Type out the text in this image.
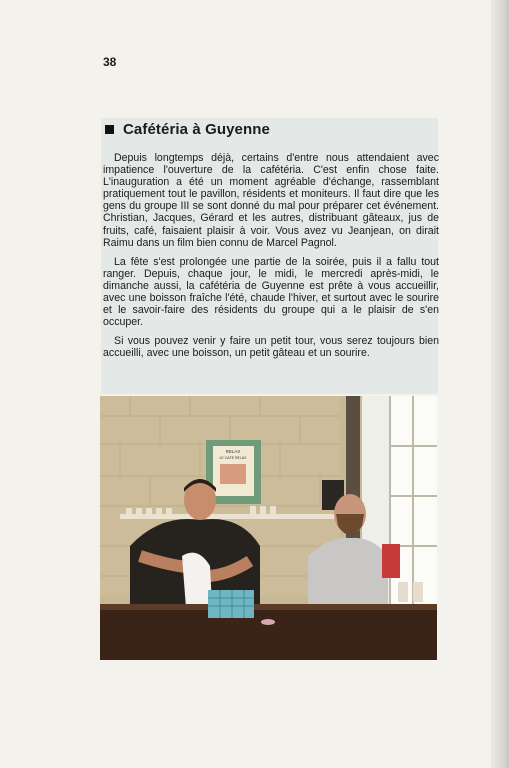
38
Cafétéria à Guyenne

Depuis longtemps déjà, certains d'entre nous attendaient avec impatience l'ouverture de la cafétéria. C'est enfin chose faite. L'inauguration a été un moment agréable d'échange, rassemblant pratiquement tout le pavillon, résidents et moniteurs. Il faut dire que les gens du groupe III se sont donné du mal pour préparer cet événement. Christian, Jacques, Gérard et les autres, distribuant gâteaux, jus de fruits, café, faisaient plaisir à voir. Vous avez vu Jeanjean, on dirait Raimu dans un film bien connu de Marcel Pagnol.

La fête s'est prolongée une partie de la soirée, puis il a fallu tout ranger. Depuis, chaque jour, le midi, le mercredi après-midi, le dimanche aussi, la cafétéria de Guyenne est prête à vous accueillir, avec une boisson fraîche l'été, chaude l'hiver, et surtout avec le sourire et le savoir-faire des résidents du groupe qui a le plaisir de s'en occuper.

Si vous pouvez venir y faire un petit tour, vous serez toujours bien accueilli, avec une boisson, un petit gâteau et un sourire.

RELAX
LE CAFE RELAX
